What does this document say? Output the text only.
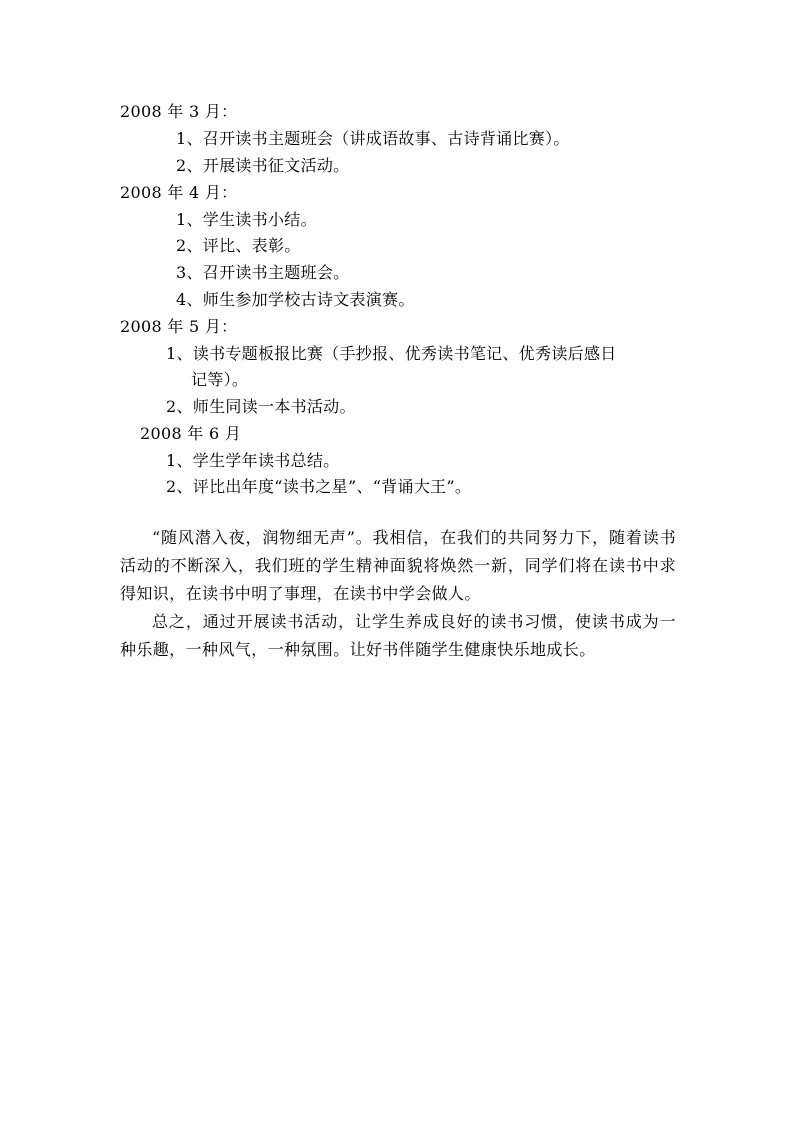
2008 年 3 月：
1、召开读书主题班会（讲成语故事、古诗背诵比赛）。
2、开展读书征文活动。
2008 年 4 月：
1、学生读书小结。
2、评比、表彰。
3、召开读书主题班会。
4、师生参加学校古诗文表演赛。
2008 年 5 月：
1、读书专题板报比赛（手抄报、优秀读书笔记、优秀读后感日
记等）。
2、师生同读一本书活动。
2008 年 6 月
1、学生学年读书总结。
2、评比出年度“读书之星”、“背诵大王”。
“随风潜入夜，润物细无声”。我相信，在我们的共同努力下，随着读书活动的不断深入，我们班的学生精神面貌将焕然一新，同学们将在读书中求得知识，在读书中明了事理，在读书中学会做人。
总之，通过开展读书活动，让学生养成良好的读书习惯，使读书成为一种乐趣，一种风气，一种氛围。让好书伴随学生健康快乐地成长。
